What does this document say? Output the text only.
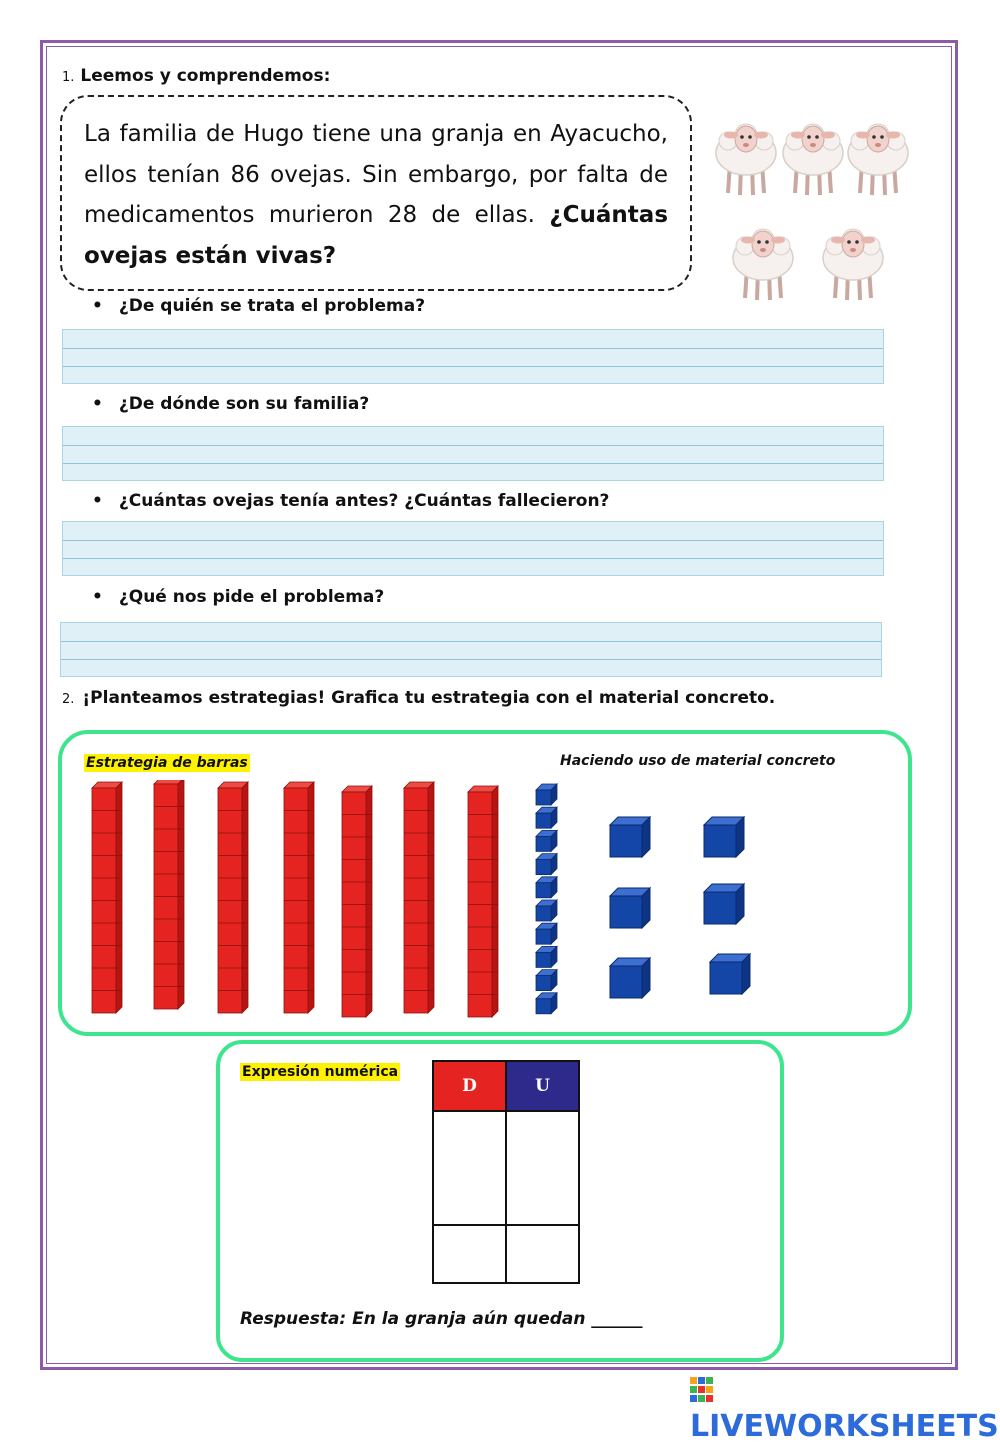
1. Leemos y comprendemos:
La familia de Hugo tiene una granja en Ayacucho, ellos tenían 86 ovejas. Sin embargo, por falta de medicamentos murieron 28 de ellas. ¿Cuántas ovejas están vivas?
• ¿De quién se trata el problema?
• ¿De dónde son su familia?
• ¿Cuántas ovejas tenía antes? ¿Cuántas fallecieron?
• ¿Qué nos pide el problema?
2. ¡Planteamos estrategias! Grafica tu estrategia con el material concreto.
Estrategia de barras	Haciendo uso de material concreto
Expresión numérica
D	U

Respuesta: En la granja aún quedan ______
LIVEWORKSHEETS
